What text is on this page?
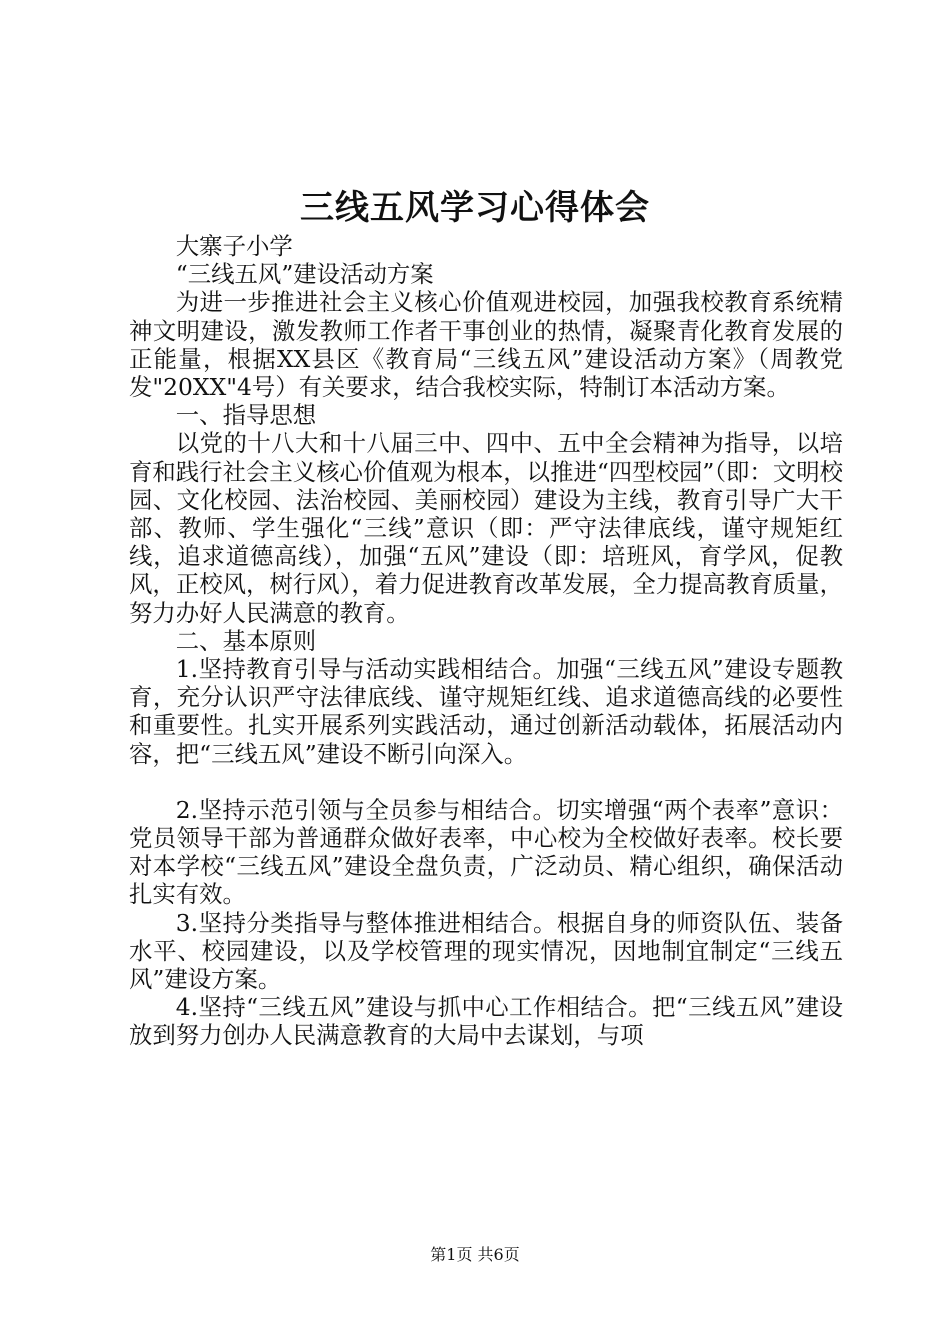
三线五风学习心得体会

大寨子小学

“三线五风”建设活动方案

为进一步推进社会主义核心价值观进校园，加强我校教育系统精神文明建设，激发教师工作者干事创业的热情，凝聚青化教育发展的正能量，根据XX县区《教育局“三线五风”建设活动方案》（周教党发"20XX"4号）有关要求，结合我校实际，特制订本活动方案。

一、指导思想

以党的十八大和十八届三中、四中、五中全会精神为指导，以培育和践行社会主义核心价值观为根本，以推进“四型校园”（即：文明校园、文化校园、法治校园、美丽校园）建设为主线，教育引导广大干部、教师、学生强化“三线”意识（即：严守法律底线，谨守规矩红线，追求道德高线），加强“五风”建设（即：培班风，育学风，促教风，正校风，树行风），着力促进教育改革发展，全力提高教育质量，努力办好人民满意的教育。

二、基本原则

1.坚持教育引导与活动实践相结合。加强“三线五风”建设专题教育，充分认识严守法律底线、谨守规矩红线、追求道德高线的必要性和重要性。扎实开展系列实践活动，通过创新活动载体，拓展活动内容，把“三线五风”建设不断引向深入。

2.坚持示范引领与全员参与相结合。切实增强“两个表率”意识：党员领导干部为普通群众做好表率，中心校为全校做好表率。校长要对本学校“三线五风”建设全盘负责，广泛动员、精心组织，确保活动扎实有效。

3.坚持分类指导与整体推进相结合。根据自身的师资队伍、装备水平、校园建设，以及学校管理的现实情况，因地制宜制定“三线五风”建设方案。

4.坚持“三线五风”建设与抓中心工作相结合。把“三线五风”建设放到努力创办人民满意教育的大局中去谋划，与项

第1页 共6页
